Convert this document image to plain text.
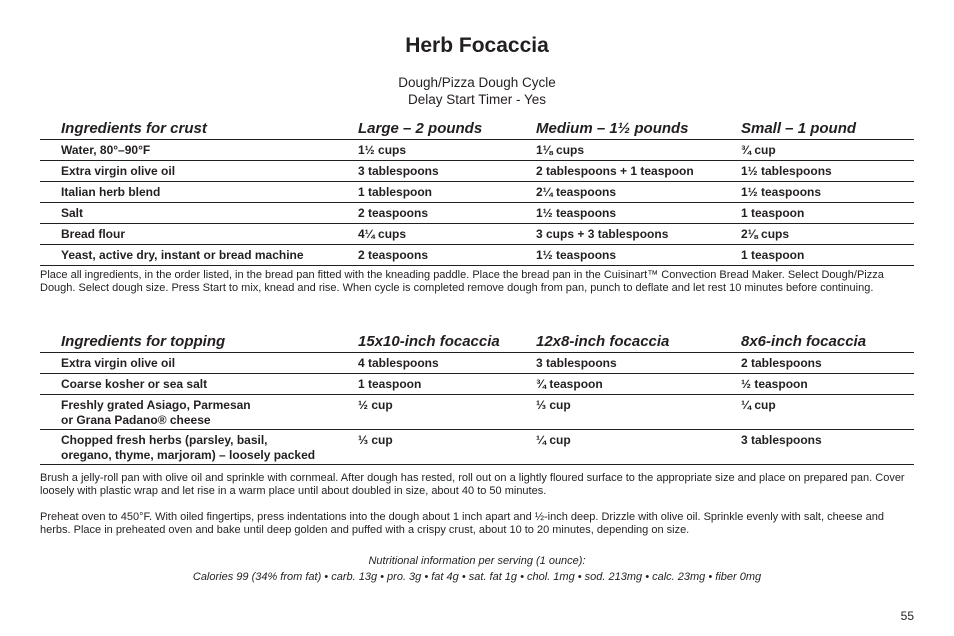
Herb Focaccia
Dough/Pizza Dough Cycle
Delay Start Timer - Yes
Ingredients for crust	Large – 2 pounds	Medium – 1½ pounds	Small – 1 pound
Water, 80°–90°F	1½ cups	1⅛ cups	¾ cup
Extra virgin olive oil	3 tablespoons	2 tablespoons + 1 teaspoon	1½ tablespoons
Italian herb blend	1 tablespoon	2¼ teaspoons	1½ teaspoons
Salt	2 teaspoons	1½ teaspoons	1 teaspoon
Bread flour	4¼ cups	3 cups + 3 tablespoons	2⅛ cups
Yeast, active dry, instant or bread machine	2 teaspoons	1½ teaspoons	1 teaspoon
Place all ingredients, in the order listed, in the bread pan fitted with the kneading paddle. Place the bread pan in the Cuisinart™ Convection Bread Maker. Select Dough/Pizza Dough. Select dough size. Press Start to mix, knead and rise. When cycle is completed remove dough from pan, punch to deflate and let rest 10 minutes before continuing.
Ingredients for topping	15x10-inch focaccia	12x8-inch focaccia	8x6-inch focaccia
Extra virgin olive oil	4 tablespoons	3 tablespoons	2 tablespoons
Coarse kosher or sea salt	1 teaspoon	¾ teaspoon	½ teaspoon
Freshly grated Asiago, Parmesan
or Grana Padano® cheese	½ cup	⅓ cup	¼ cup
Chopped fresh herbs (parsley, basil,
oregano, thyme, marjoram) – loosely packed	⅓ cup	¼ cup	3 tablespoons
Brush a jelly-roll pan with olive oil and sprinkle with cornmeal. After dough has rested, roll out on a lightly floured surface to the appropriate size and place on prepared pan. Cover loosely with plastic wrap and let rise in a warm place until about doubled in size, about 40 to 50 minutes.
Preheat oven to 450°F. With oiled fingertips, press indentations into the dough about 1 inch apart and ½-inch deep. Drizzle with olive oil. Sprinkle evenly with salt, cheese and herbs. Place in preheated oven and bake until deep golden and puffed with a crispy crust, about 10 to 20 minutes, depending on size.
Nutritional information per serving (1 ounce):
Calories 99 (34% from fat) • carb. 13g • pro. 3g • fat 4g • sat. fat 1g • chol. 1mg • sod. 213mg • calc. 23mg • fiber 0mg
55
